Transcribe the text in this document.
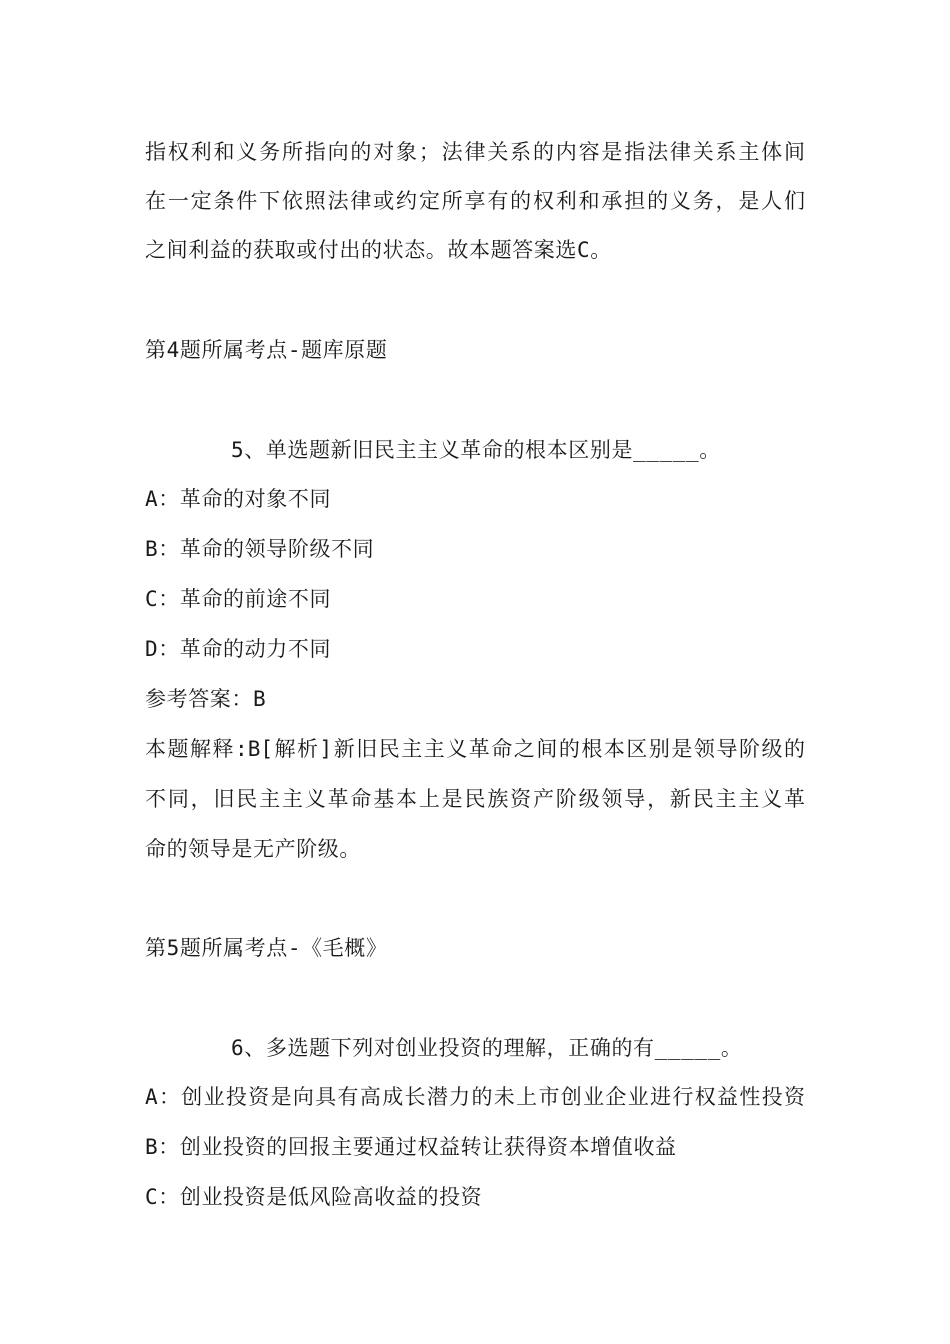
指权利和义务所指向的对象；法律关系的内容是指法律关系主体间
在一定条件下依照法律或约定所享有的权利和承担的义务，是人们
之间利益的获取或付出的状态。故本题答案选C。
第4题所属考点-题库原题
5、单选题新旧民主主义革命的根本区别是_____。
A：革命的对象不同
B：革命的领导阶级不同
C：革命的前途不同
D：革命的动力不同
参考答案：B
本题解释:B[解析]新旧民主主义革命之间的根本区别是领导阶级的
不同，旧民主主义革命基本上是民族资产阶级领导，新民主主义革
命的领导是无产阶级。
第5题所属考点-《毛概》
6、多选题下列对创业投资的理解，正确的有_____。
A：创业投资是向具有高成长潜力的未上市创业企业进行权益性投资
B：创业投资的回报主要通过权益转让获得资本增值收益
C：创业投资是低风险高收益的投资
